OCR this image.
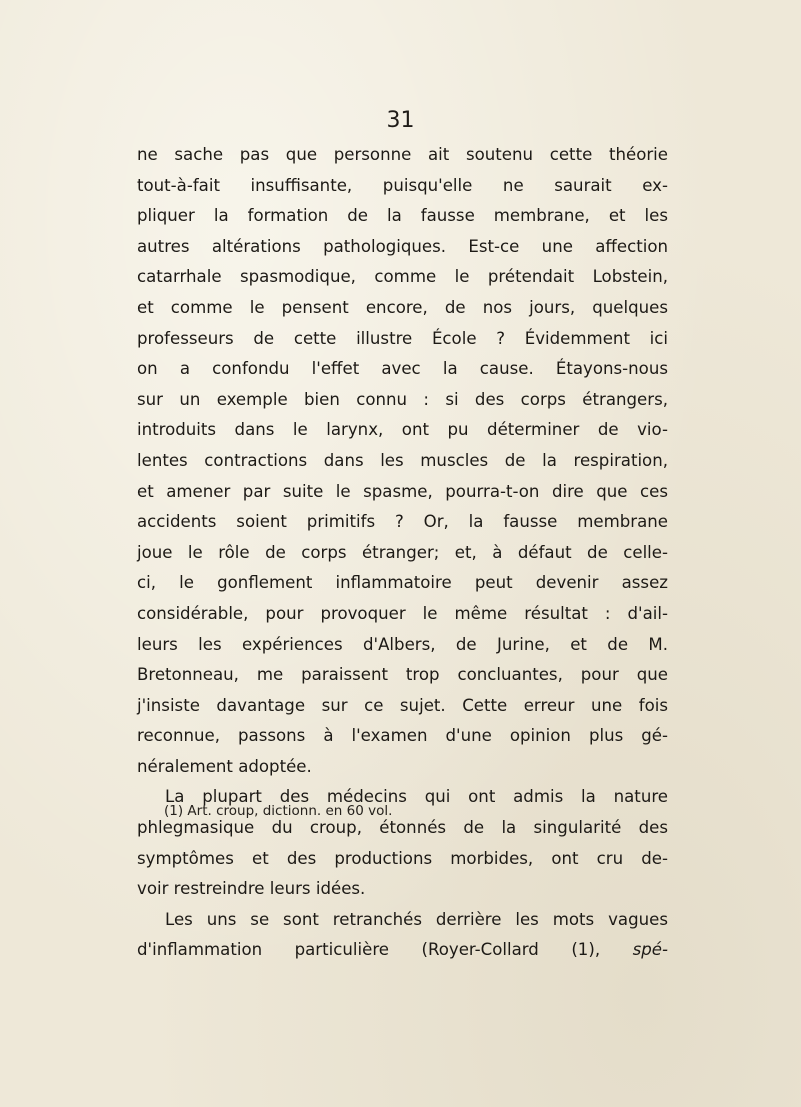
31

ne sache pas que personne ait soutenu cette théorie
tout-à-fait insuffisante, puisqu'elle ne saurait ex-
pliquer la formation de la fausse membrane, et les
autres altérations pathologiques. Est-ce une affection
catarrhale spasmodique, comme le prétendait Lobstein,
et comme le pensent encore, de nos jours, quelques
professeurs de cette illustre École ? Évidemment ici
on a confondu l'effet avec la cause. Étayons-nous
sur un exemple bien connu : si des corps étrangers,
introduits dans le larynx, ont pu déterminer de vio-
lentes contractions dans les muscles de la respiration,
et amener par suite le spasme, pourra-t-on dire que ces
accidents soient primitifs ? Or, la fausse membrane
joue le rôle de corps étranger; et, à défaut de celle-
ci, le gonflement inflammatoire peut devenir assez
considérable, pour provoquer le même résultat : d'ail-
leurs les expériences d'Albers, de Jurine, et de M.
Bretonneau, me paraissent trop concluantes, pour que
j'insiste davantage sur ce sujet. Cette erreur une fois
reconnue, passons à l'examen d'une opinion plus gé-
néralement adoptée.
La plupart des médecins qui ont admis la nature
phlegmasique du croup, étonnés de la singularité des
symptômes et des productions morbides, ont cru de-
voir restreindre leurs idées.
Les uns se sont retranchés derrière les mots vagues
d'inflammation particulière (Royer-Collard (1), spé-

(1) Art. croup, dictionn. en 60 vol.
